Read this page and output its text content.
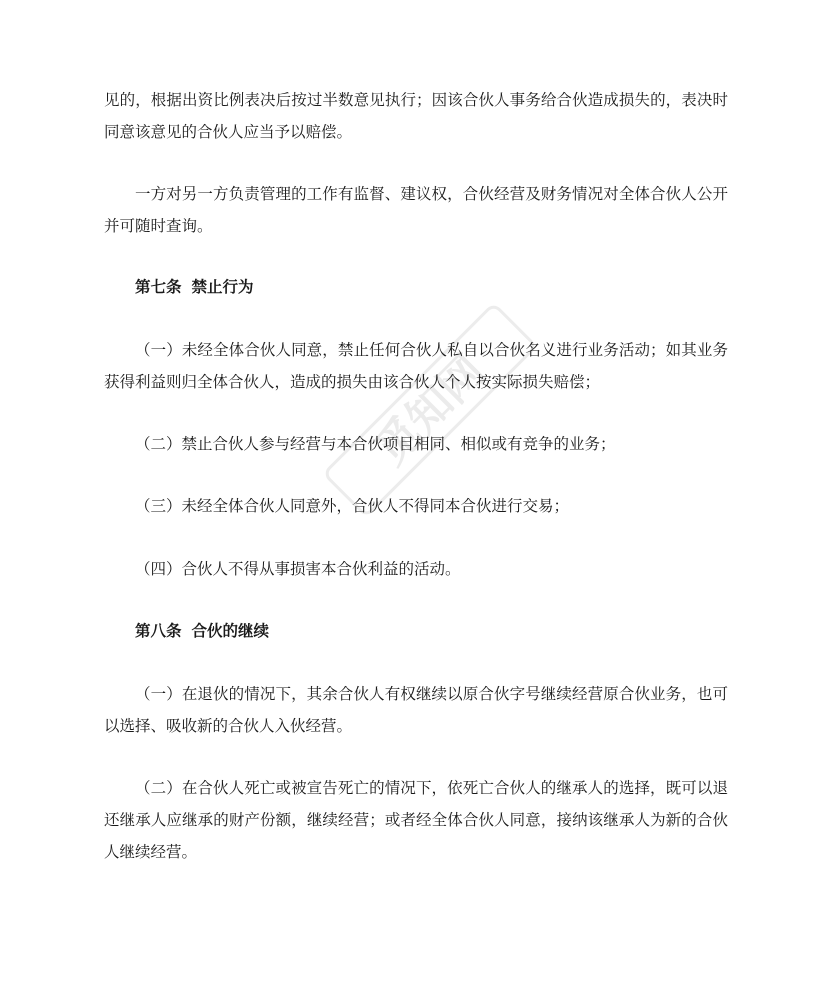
觅知网

见的，根据出资比例表决后按过半数意见执行；因该合伙人事务给合伙造成损失的，表决时同意该意见的合伙人应当予以赔偿。

一方对另一方负责管理的工作有监督、建议权，合伙经营及财务情况对全体合伙人公开并可随时查询。

第七条 禁止行为

（一）未经全体合伙人同意，禁止任何合伙人私自以合伙名义进行业务活动；如其业务获得利益则归全体合伙人，造成的损失由该合伙人个人按实际损失赔偿；

（二）禁止合伙人参与经营与本合伙项目相同、相似或有竞争的业务；

（三）未经全体合伙人同意外，合伙人不得同本合伙进行交易；

（四）合伙人不得从事损害本合伙利益的活动。

第八条 合伙的继续

（一）在退伙的情况下，其余合伙人有权继续以原合伙字号继续经营原合伙业务，也可以选择、吸收新的合伙人入伙经营。

（二）在合伙人死亡或被宣告死亡的情况下，依死亡合伙人的继承人的选择，既可以退还继承人应继承的财产份额，继续经营；或者经全体合伙人同意，接纳该继承人为新的合伙人继续经营。
